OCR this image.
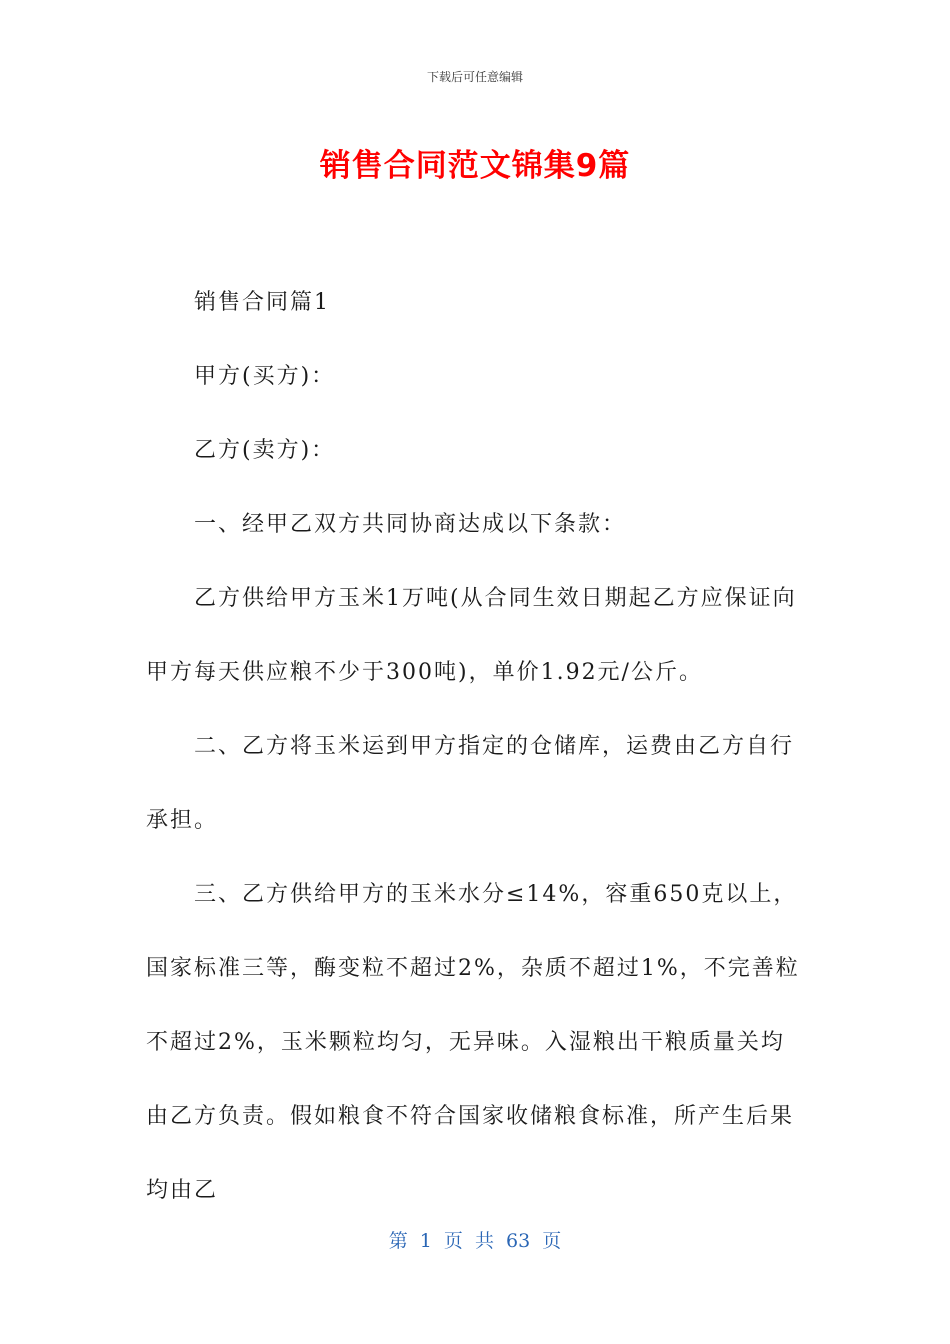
下载后可任意编辑
销售合同范文锦集9篇

销售合同篇1

甲方(买方)：

乙方(卖方)：

一、经甲乙双方共同协商达成以下条款：

乙方供给甲方玉米1万吨(从合同生效日期起乙方应保证向甲方每天供应粮不少于300吨)，单价1.92元/公斤。

二、乙方将玉米运到甲方指定的仓储库，运费由乙方自行承担。

三、乙方供给甲方的玉米水分≤14%，容重650克以上，国家标准三等，酶变粒不超过2%，杂质不超过1%，不完善粒不超过2%，玉米颗粒均匀，无异味。入湿粮出干粮质量关均由乙方负责。假如粮食不符合国家收储粮食标准，所产生后果均由乙

第 1 页 共 63 页
